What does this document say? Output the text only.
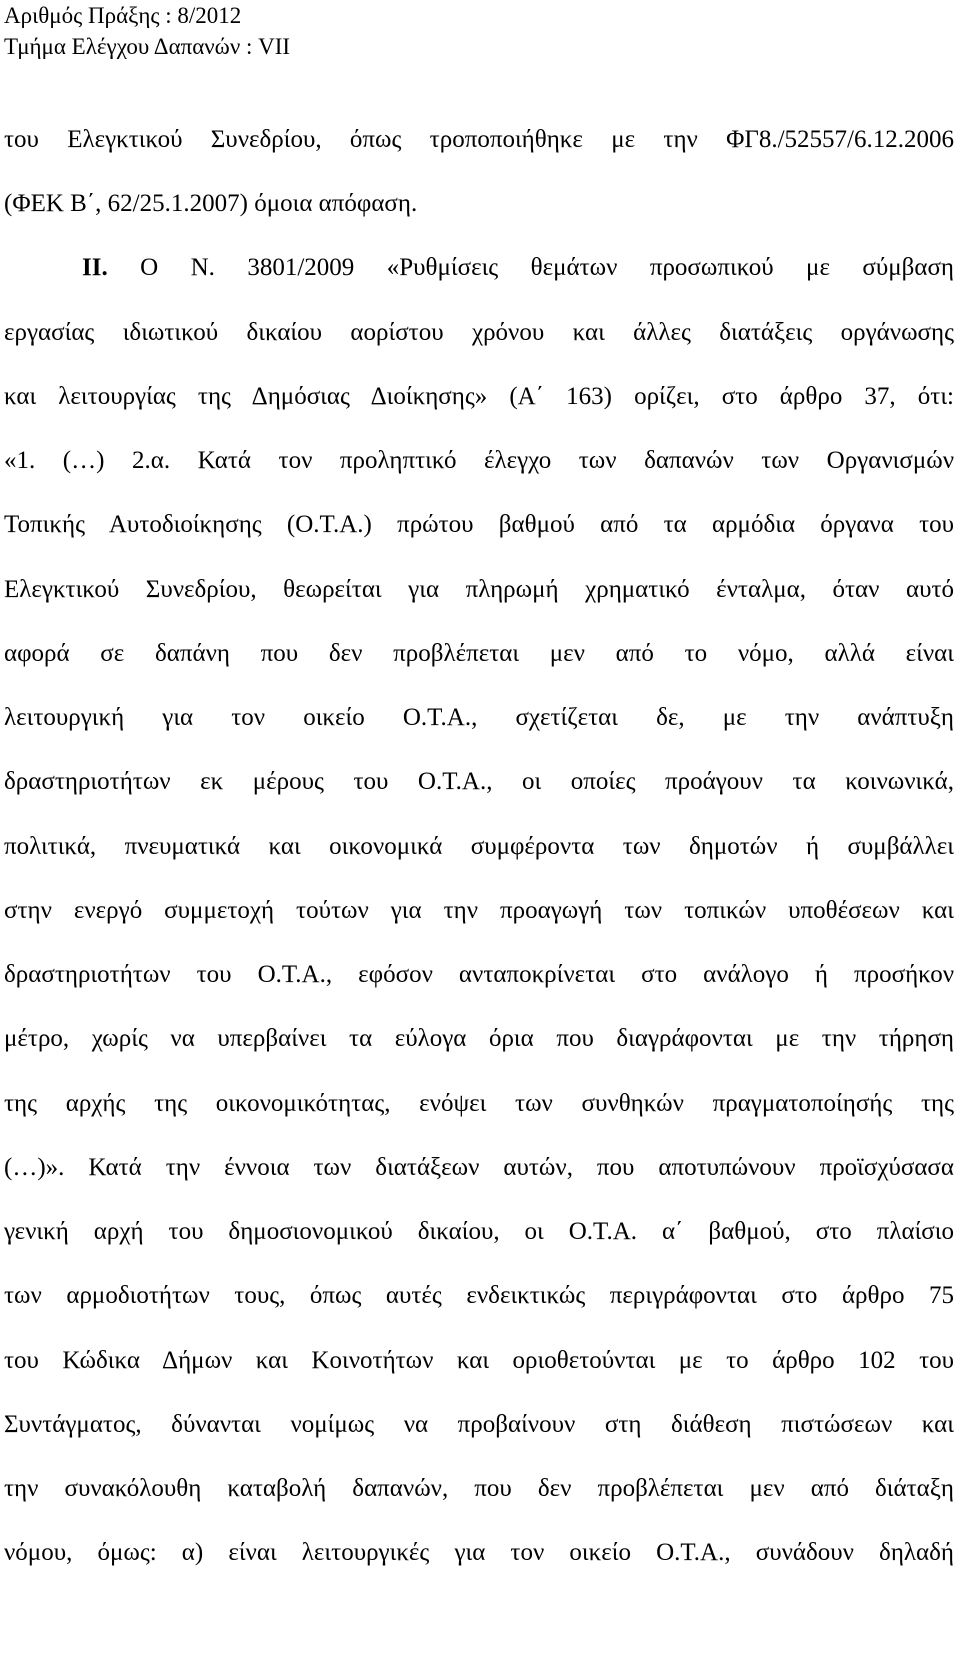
Αριθμός Πράξης : 8/2012
Τμήμα Ελέγχου Δαπανών : VII
του Ελεγκτικού Συνεδρίου, όπως τροποποιήθηκε με την ΦΓ8./52557/6.12.2006
(ΦΕΚ Β΄, 62/25.1.2007) όμοια απόφαση.
ΙΙ. Ο Ν. 3801/2009 «Ρυθμίσεις θεμάτων προσωπικού με σύμβαση
εργασίας ιδιωτικού δικαίου αορίστου χρόνου και άλλες διατάξεις οργάνωσης
και λειτουργίας της Δημόσιας Διοίκησης» (Α΄ 163) ορίζει, στο άρθρο 37, ότι:
«1. (…) 2.α. Κατά τον προληπτικό έλεγχο των δαπανών των Οργανισμών
Τοπικής Αυτοδιοίκησης (Ο.Τ.Α.) πρώτου βαθμού από τα αρμόδια όργανα του
Ελεγκτικού Συνεδρίου, θεωρείται για πληρωμή χρηματικό ένταλμα, όταν αυτό
αφορά σε δαπάνη που δεν προβλέπεται μεν από το νόμο, αλλά είναι
λειτουργική για τον οικείο Ο.Τ.Α., σχετίζεται δε, με την ανάπτυξη
δραστηριοτήτων εκ μέρους του Ο.Τ.Α., οι οποίες προάγουν τα κοινωνικά,
πολιτικά, πνευματικά και οικονομικά συμφέροντα των δημοτών ή συμβάλλει
στην ενεργό συμμετοχή τούτων για την προαγωγή των τοπικών υποθέσεων και
δραστηριοτήτων του Ο.Τ.Α., εφόσον ανταποκρίνεται στο ανάλογο ή προσήκον
μέτρο, χωρίς να υπερβαίνει τα εύλογα όρια που διαγράφονται με την τήρηση
της αρχής της οικονομικότητας, ενόψει των συνθηκών πραγματοποίησής της
(…)». Κατά την έννοια των διατάξεων αυτών, που αποτυπώνουν προϊσχύσασα
γενική αρχή του δημοσιονομικού δικαίου, οι Ο.Τ.Α. α΄ βαθμού, στο πλαίσιο
των αρμοδιοτήτων τους, όπως αυτές ενδεικτικώς περιγράφονται στο άρθρο 75
του Κώδικα Δήμων και Κοινοτήτων και οριοθετούνται με το άρθρο 102 του
Συντάγματος, δύνανται νομίμως να προβαίνουν στη διάθεση πιστώσεων και
την συνακόλουθη καταβολή δαπανών, που δεν προβλέπεται μεν από διάταξη
νόμου, όμως: α) είναι λειτουργικές για τον οικείο Ο.Τ.Α., συνάδουν δηλαδή
